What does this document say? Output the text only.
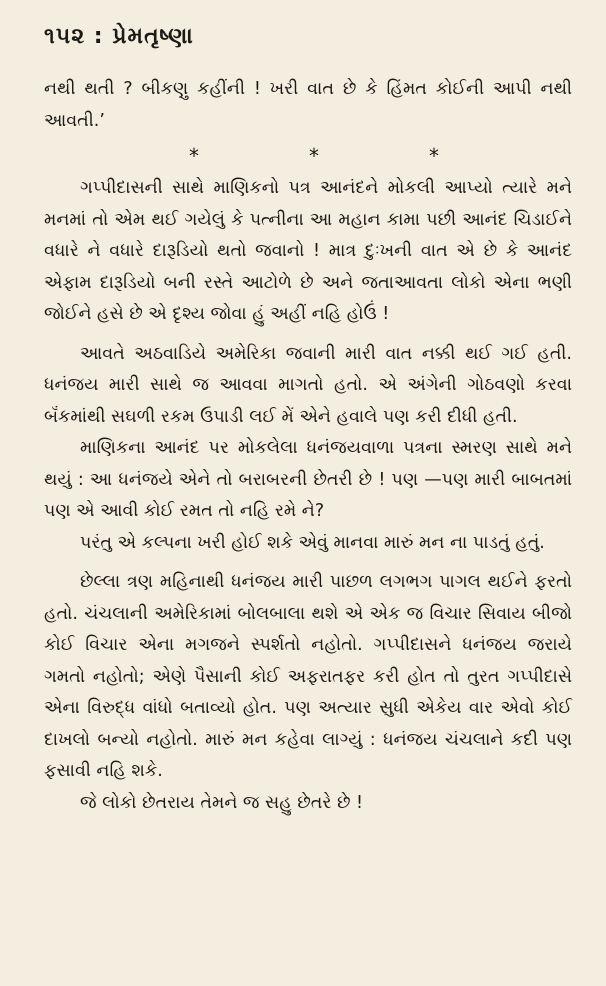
૧૫૨ : પ્રેમતૃષ્ણા

નથી થતી ? બીકણુ કહીંની ! ખરી વાત છે કે હિંમત કોઈની આપી નથી આવતી.’

*	*	*

ગપ્પીદાસની સાથે માણિકનો પત્ર આનંદને મોકલી આપ્યો ત્યારે મને મનમાં તો એમ થઈ ગયેલું કે પત્નીના આ મહાન કામા પછી આનંદ ચિડાઈને વધારે ને વધારે દારૂડિયો થતો જવાનો ! માત્ર દુઃખની વાત એ છે કે આનંદ એફામ દારૂડિયો બની રસ્તે આટોળે છે અને જતાઆવતા લોકો એના ભણી જોઈને હસે છે એ દૃશ્ય જોવા હું અહીં નહિ હોઉં !

આવતે અઠવાડિયે અમેરિકા જવાની મારી વાત નક્કી થઈ ગઈ હતી. ધનંજય મારી સાથે જ આવવા માગતો હતો. એ અંગેની ગોઠવણો કરવા બૅંકમાંથી સઘળી રકમ ઉપાડી લઈ મેં એને હવાલે પણ કરી દીધી હતી.

માણિકના આનંદ પર મોકલેલા ધનંજયવાળા પત્રના સ્મરણ સાથે મને થયું : આ ધનંજયે એને તો બરાબરની છેતરી છે ! પણ —પણ મારી બાબતમાં પણ એ આવી કોઈ રમત તો નહિ રમે ને?

પરંતુ એ કલ્પના ખરી હોઈ શકે એવું માનવા મારું મન ના પાડતું હતું.

છેલ્લા ત્રણ મહિનાથી ધનંજય મારી પાછળ લગભગ પાગલ થઈને ફરતો હતો. ચંચલાની અમેરિકામાં બોલબાલા થશે એ એક જ વિચાર સિવાય બીજો કોઈ વિચાર એના મગજને સ્પર્શતો નહોતો. ગપ્પીદાસને ધનંજય જરાયે ગમતો નહોતો; એણે પૈસાની કોઈ અફરાતફર કરી હોત તો તુરત ગપ્પીદાસે એના વિરુદ્ધ વાંધો બતાવ્યો હોત. પણ અત્યાર સુધી એકેય વાર એવો કોઈ દાખલો બન્યો નહોતો. મારું મન કહેવા લાગ્યું : ધનંજય ચંચલાને કદી પણ ફસાવી નહિ શકે.

જે લોકો છેતરાય તેમને જ સહુ છેતરે છે !
